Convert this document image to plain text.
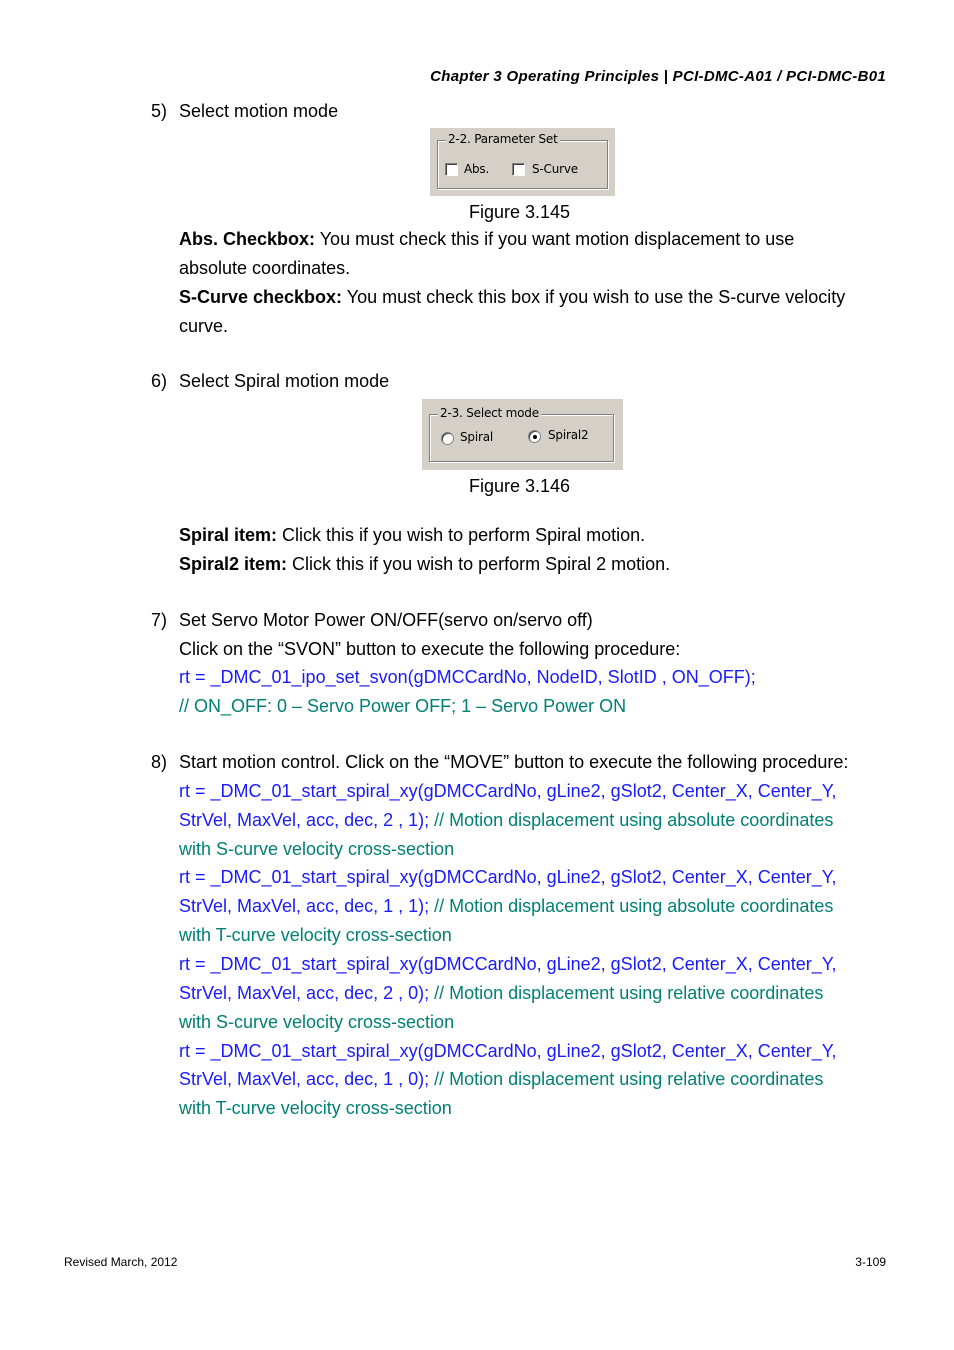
Chapter 3 Operating Principles | PCI-DMC-A01 / PCI-DMC-B01
5) Select motion mode
2-2. Parameter Set
Abs.	S-Curve
Figure 3.145
Abs. Checkbox: You must check this if you want motion displacement to use
absolute coordinates.
S-Curve checkbox: You must check this box if you wish to use the S-curve velocity
curve.
6) Select Spiral motion mode
2-3. Select mode
Spiral	Spiral2
Figure 3.146
Spiral item: Click this if you wish to perform Spiral motion.
Spiral2 item: Click this if you wish to perform Spiral 2 motion.
7) Set Servo Motor Power ON/OFF(servo on/servo off)
Click on the “SVON” button to execute the following procedure:
rt = _DMC_01_ipo_set_svon(gDMCCardNo, NodeID, SlotID , ON_OFF);
// ON_OFF: 0 – Servo Power OFF; 1 – Servo Power ON
8) Start motion control. Click on the “MOVE” button to execute the following procedure:
rt = _DMC_01_start_spiral_xy(gDMCCardNo, gLine2, gSlot2, Center_X, Center_Y,
StrVel, MaxVel, acc, dec, 2 , 1); // Motion displacement using absolute coordinates
with S-curve velocity cross-section
rt = _DMC_01_start_spiral_xy(gDMCCardNo, gLine2, gSlot2, Center_X, Center_Y,
StrVel, MaxVel, acc, dec, 1 , 1); // Motion displacement using absolute coordinates
with T-curve velocity cross-section
rt = _DMC_01_start_spiral_xy(gDMCCardNo, gLine2, gSlot2, Center_X, Center_Y,
StrVel, MaxVel, acc, dec, 2 , 0); // Motion displacement using relative coordinates
with S-curve velocity cross-section
rt = _DMC_01_start_spiral_xy(gDMCCardNo, gLine2, gSlot2, Center_X, Center_Y,
StrVel, MaxVel, acc, dec, 1 , 0); // Motion displacement using relative coordinates
with T-curve velocity cross-section
Revised March, 2012	3-109
